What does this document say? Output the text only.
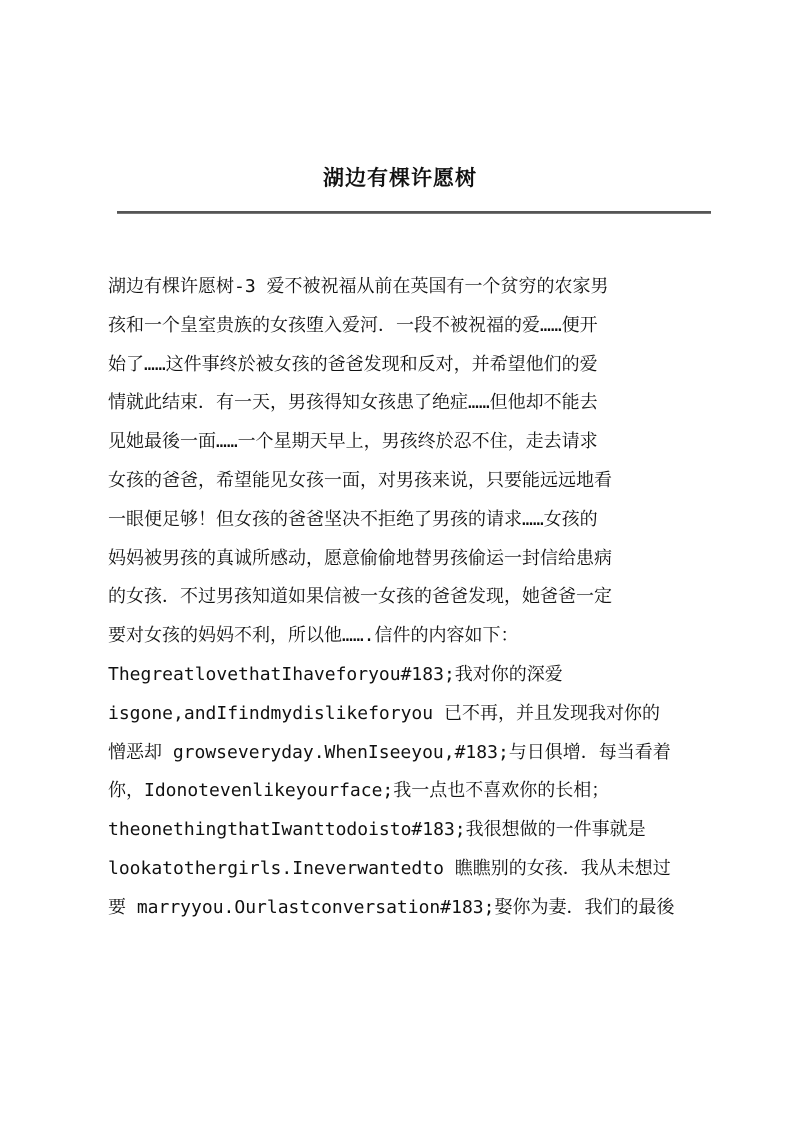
湖边有棵许愿树
湖边有棵许愿树-3 爱不被祝福从前在英国有一个贫穷的农家男
孩和一个皇室贵族的女孩堕入爱河．一段不被祝福的爱……便开
始了……这件事终於被女孩的爸爸发现和反对，并希望他们的爱
情就此结束．有一天，男孩得知女孩患了绝症……但他却不能去
见她最後一面……一个星期天早上，男孩终於忍不住，走去请求
女孩的爸爸，希望能见女孩一面，对男孩来说，只要能远远地看
一眼便足够！但女孩的爸爸坚决不拒绝了男孩的请求……女孩的
妈妈被男孩的真诚所感动，愿意偷偷地替男孩偷运一封信给患病
的女孩．不过男孩知道如果信被一女孩的爸爸发现，她爸爸一定
要对女孩的妈妈不利，所以他…….信件的内容如下：
ThegreatlovethatIhaveforyou#183;我对你的深爱
isgone,andIfindmydislikeforyou 已不再，并且发现我对你的
憎恶却 growseveryday.WhenIseeyou,#183;与日俱增．每当看着
你，Idonotevenlikeyourface;我一点也不喜欢你的长相；
theonethingthatIwanttodoisto#183;我很想做的一件事就是
lookatothergirls.Ineverwantedto 瞧瞧别的女孩．我从未想过
要 marryyou.Ourlastconversation#183;娶你为妻．我们的最後
